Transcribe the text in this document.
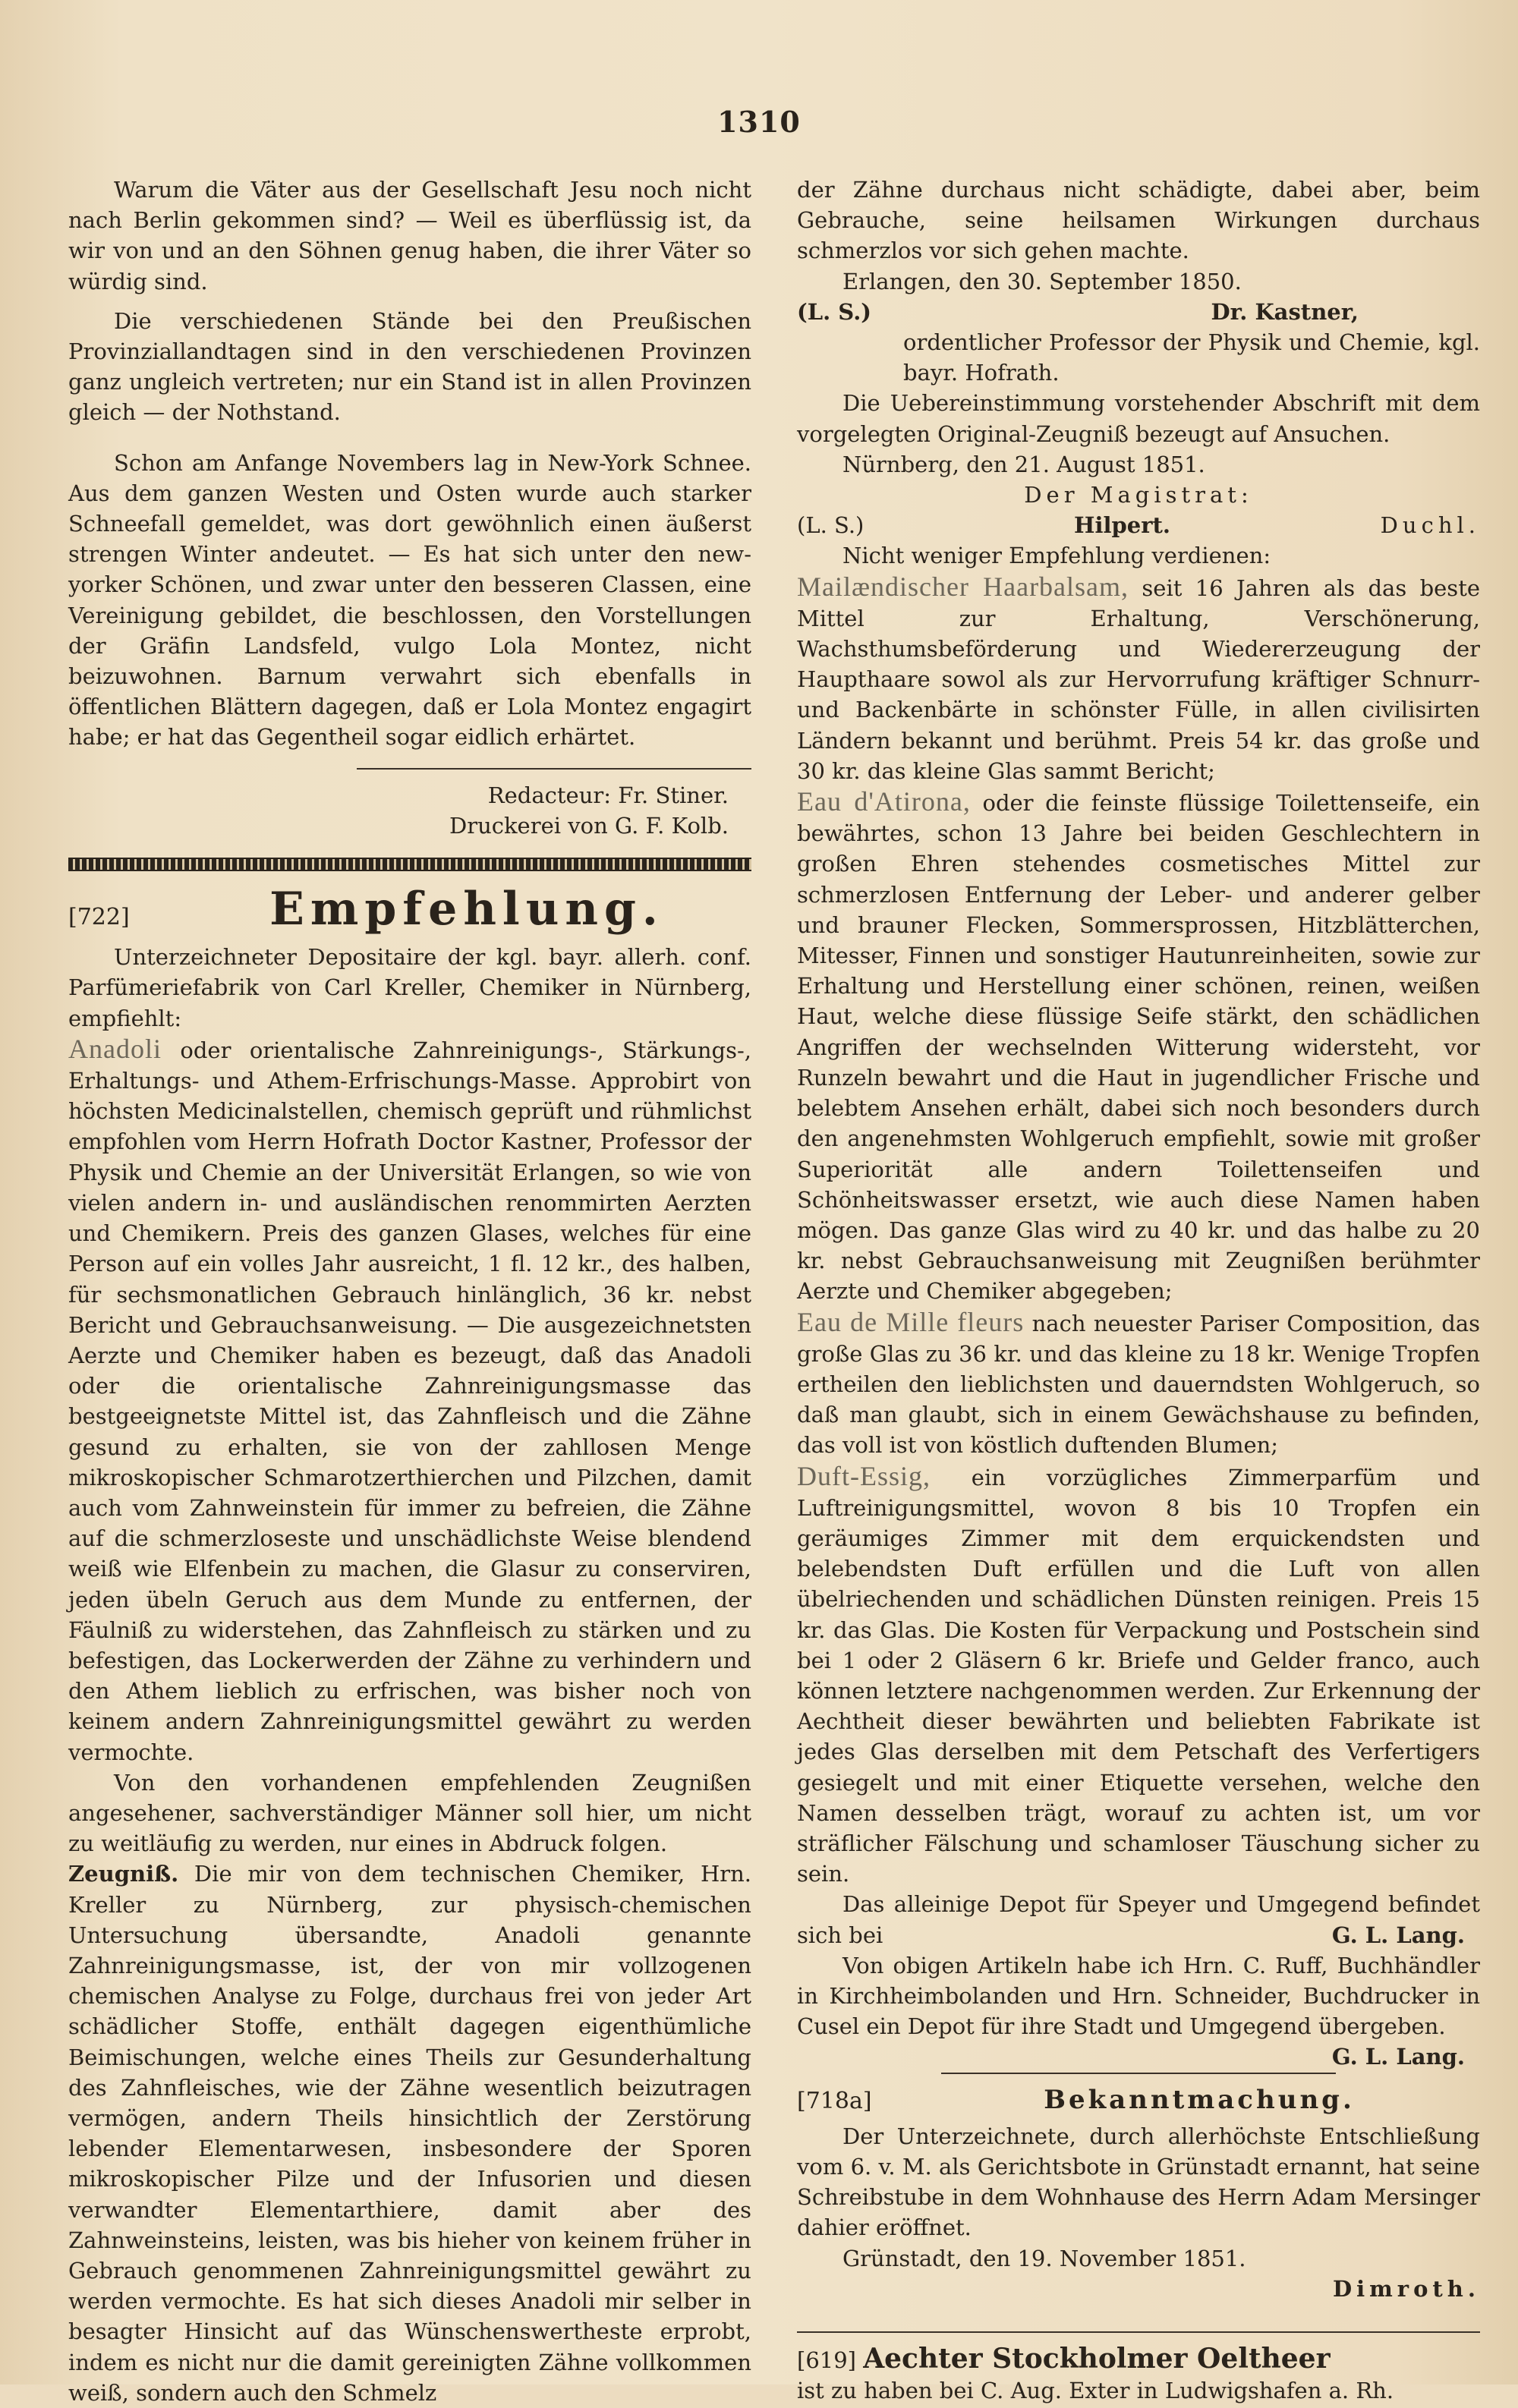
1310

Warum die Väter aus der Gesellschaft Jesu noch nicht nach Berlin gekommen sind? — Weil es überflüssig ist, da wir von und an den Söhnen genug haben, die ihrer Väter so würdig sind.

Die verschiedenen Stände bei den Preußischen Provinziallandtagen sind in den verschiedenen Provinzen ganz ungleich vertreten; nur ein Stand ist in allen Provinzen gleich — der Nothstand.

Schon am Anfange Novembers lag in New-York Schnee. Aus dem ganzen Westen und Osten wurde auch starker Schneefall gemeldet, was dort gewöhnlich einen äußerst strengen Winter andeutet. — Es hat sich unter den new-yorker Schönen, und zwar unter den besseren Classen, eine Vereinigung gebildet, die beschlossen, den Vorstellungen der Gräfin Landsfeld, vulgo Lola Montez, nicht beizuwohnen. Barnum verwahrt sich ebenfalls in öffentlichen Blättern dagegen, daß er Lola Montez engagirt habe; er hat das Gegentheil sogar eidlich erhärtet.

Redacteur: Fr. Stiner.

Druckerei von G. F. Kolb.

[722]	Empfehlung.

Unterzeichneter Depositaire der kgl. bayr. allerh. conf. Parfümeriefabrik von Carl Kreller, Chemiker in Nürnberg, empfiehlt:

Anadoli oder orientalische Zahnreinigungs-, Stärkungs-, Erhaltungs- und Athem-Erfrischungs-Masse. Approbirt von höchsten Medicinalstellen, chemisch geprüft und rühmlichst empfohlen vom Herrn Hofrath Doctor Kastner, Professor der Physik und Chemie an der Universität Erlangen, so wie von vielen andern in- und ausländischen renommirten Aerzten und Chemikern. Preis des ganzen Glases, welches für eine Person auf ein volles Jahr ausreicht, 1 fl. 12 kr., des halben, für sechsmonatlichen Gebrauch hinlänglich, 36 kr. nebst Bericht und Gebrauchsanweisung. — Die ausgezeichnetsten Aerzte und Chemiker haben es bezeugt, daß das Anadoli oder die orientalische Zahnreinigungsmasse das bestgeeignetste Mittel ist, das Zahnfleisch und die Zähne gesund zu erhalten, sie von der zahllosen Menge mikroskopischer Schmarotzerthierchen und Pilzchen, damit auch vom Zahnweinstein für immer zu befreien, die Zähne auf die schmerzloseste und unschädlichste Weise blendend weiß wie Elfenbein zu machen, die Glasur zu conserviren, jeden übeln Geruch aus dem Munde zu entfernen, der Fäulniß zu widerstehen, das Zahnfleisch zu stärken und zu befestigen, das Lockerwerden der Zähne zu verhindern und den Athem lieblich zu erfrischen, was bisher noch von keinem andern Zahnreinigungsmittel gewährt zu werden vermochte.

Von den vorhandenen empfehlenden Zeugnißen angesehener, sachverständiger Männer soll hier, um nicht zu weitläufig zu werden, nur eines in Abdruck folgen.

Zeugniß. Die mir von dem technischen Chemiker, Hrn. Kreller zu Nürnberg, zur physisch-chemischen Untersuchung übersandte, Anadoli genannte Zahnreinigungsmasse, ist, der von mir vollzogenen chemischen Analyse zu Folge, durchaus frei von jeder Art schädlicher Stoffe, enthält dagegen eigenthümliche Beimischungen, welche eines Theils zur Gesunderhaltung des Zahnfleisches, wie der Zähne wesentlich beizutragen vermögen, andern Theils hinsichtlich der Zerstörung lebender Elementarwesen, insbesondere der Sporen mikroskopischer Pilze und der Infusorien und diesen verwandter Elementarthiere, damit aber des Zahnweinsteins, leisten, was bis hieher von keinem früher in Gebrauch genommenen Zahnreinigungsmittel gewährt zu werden vermochte. Es hat sich dieses Anadoli mir selber in besagter Hinsicht auf das Wünschenswertheste erprobt, indem es nicht nur die damit gereinigten Zähne vollkommen weiß, sondern auch den Schmelz

der Zähne durchaus nicht schädigte, dabei aber, beim Gebrauche, seine heilsamen Wirkungen durchaus schmerzlos vor sich gehen machte.

Erlangen, den 30. September 1850.

(L. S.)	Dr. Kastner,

ordentlicher Professor der Physik und Chemie, kgl. bayr. Hofrath.

Die Uebereinstimmung vorstehender Abschrift mit dem vorgelegten Original-Zeugniß bezeugt auf Ansuchen.

Nürnberg, den 21. August 1851.

Der Magistrat:

(L. S.)	Hilpert.	Duchl.

Nicht weniger Empfehlung verdienen:

Mailændischer Haarbalsam, seit 16 Jahren als das beste Mittel zur Erhaltung, Verschönerung, Wachsthumsbeförderung und Wiedererzeugung der Haupthaare sowol als zur Hervorrufung kräftiger Schnurr- und Backenbärte in schönster Fülle, in allen civilisirten Ländern bekannt und berühmt. Preis 54 kr. das große und 30 kr. das kleine Glas sammt Bericht;

Eau d'Atirona, oder die feinste flüssige Toilettenseife, ein bewährtes, schon 13 Jahre bei beiden Geschlechtern in großen Ehren stehendes cosmetisches Mittel zur schmerzlosen Entfernung der Leber- und anderer gelber und brauner Flecken, Sommersprossen, Hitzblätterchen, Mitesser, Finnen und sonstiger Hautunreinheiten, sowie zur Erhaltung und Herstellung einer schönen, reinen, weißen Haut, welche diese flüssige Seife stärkt, den schädlichen Angriffen der wechselnden Witterung widersteht, vor Runzeln bewahrt und die Haut in jugendlicher Frische und belebtem Ansehen erhält, dabei sich noch besonders durch den angenehmsten Wohlgeruch empfiehlt, sowie mit großer Superiorität alle andern Toilettenseifen und Schönheitswasser ersetzt, wie auch diese Namen haben mögen. Das ganze Glas wird zu 40 kr. und das halbe zu 20 kr. nebst Gebrauchsanweisung mit Zeugnißen berühmter Aerzte und Chemiker abgegeben;

Eau de Mille fleurs nach neuester Pariser Composition, das große Glas zu 36 kr. und das kleine zu 18 kr. Wenige Tropfen ertheilen den lieblichsten und dauerndsten Wohlgeruch, so daß man glaubt, sich in einem Gewächshause zu befinden, das voll ist von köstlich duftenden Blumen;

Duft-Essig, ein vorzügliches Zimmerparfüm und Luftreinigungsmittel, wovon 8 bis 10 Tropfen ein geräumiges Zimmer mit dem erquickendsten und belebendsten Duft erfüllen und die Luft von allen übelriechenden und schädlichen Dünsten reinigen. Preis 15 kr. das Glas. Die Kosten für Verpackung und Postschein sind bei 1 oder 2 Gläsern 6 kr. Briefe und Gelder franco, auch können letztere nachgenommen werden. Zur Erkennung der Aechtheit dieser bewährten und beliebten Fabrikate ist jedes Glas derselben mit dem Petschaft des Verfertigers gesiegelt und mit einer Etiquette versehen, welche den Namen desselben trägt, worauf zu achten ist, um vor sträflicher Fälschung und schamloser Täuschung sicher zu sein.

Das alleinige Depot für Speyer und Umgegend befindet sich bei	G. L. Lang.

Von obigen Artikeln habe ich Hrn. C. Ruff, Buchhändler in Kirchheimbolanden und Hrn. Schneider, Buchdrucker in Cusel ein Depot für ihre Stadt und Umgegend übergeben.
G. L. Lang.

[718a]	Bekanntmachung.

Der Unterzeichnete, durch allerhöchste Entschließung vom 6. v. M. als Gerichtsbote in Grünstadt ernannt, hat seine Schreibstube in dem Wohnhause des Herrn Adam Mersinger dahier eröffnet.

Grünstadt, den 19. November 1851.

Dimroth.

[619] Aechter Stockholmer Oeltheer

ist zu haben bei C. Aug. Exter in Ludwigshafen a. Rh.
